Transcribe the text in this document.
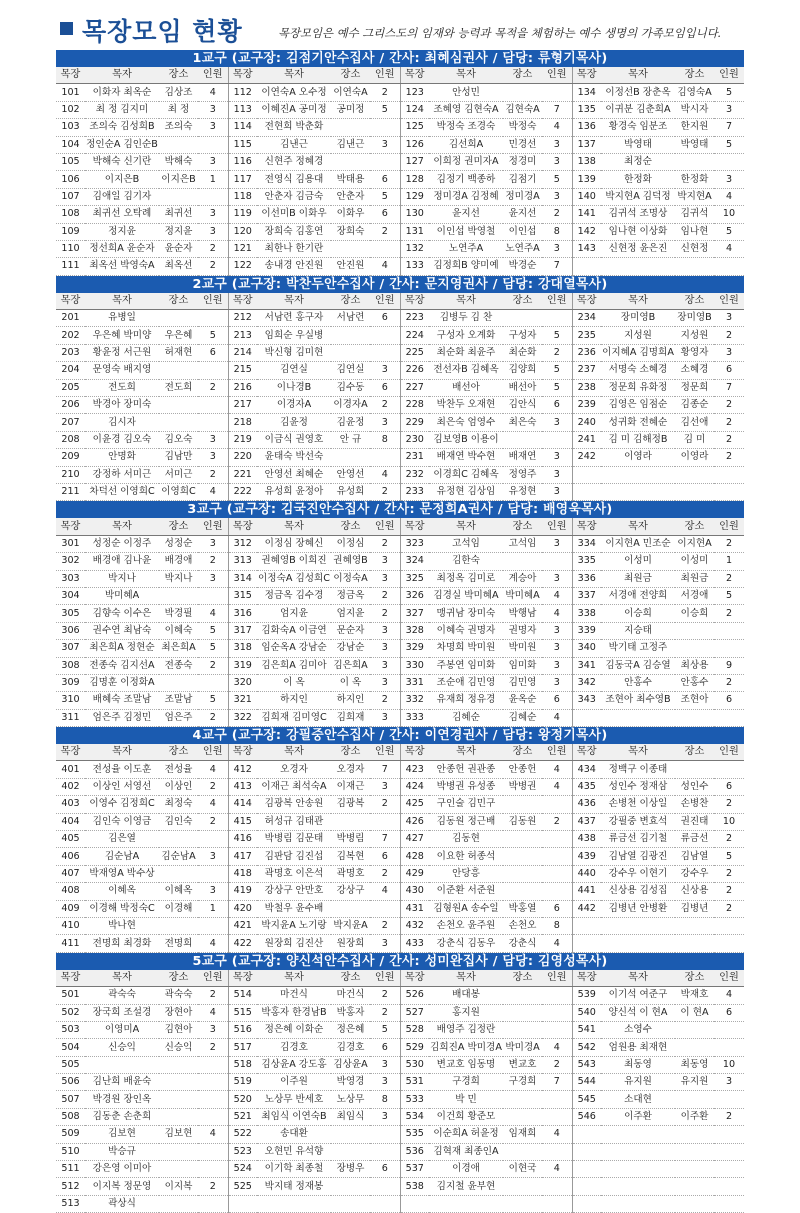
목장모임 현황	목장모임은 예수 그리스도의 임재와 능력과 목적을 체험하는 예수 생명의 가족모임입니다.
1교구 (교구장: 김점기안수집사 / 간사: 최혜심권사 / 담당: 류형기목사)
목장	목자	장소	인원	목장	목자	장소	인원	목장	목자	장소	인원	목장	목자	장소	인원
101	이화자 최옥순	김상조	4	112	이연숙A 오수정	이연숙A	2	123	안성민			134	이정선B 장춘옥	김영숙A	5
102	최 정 김지미	최 정	3	113	이혜진A 공미정	공미정	5	124	조혜영 김현숙A	김현숙A	7	135	이귀분 김춘희A	박시자	3
103	조의숙 김성희B	조의숙	3	114	전현희 박춘화			125	박정숙 조경숙	박정숙	4	136	황경숙 임분조	한지원	7
104	정인순A 김인순B			115	김낸근	김낸근	3	126	김선희A	민경선	3	137	박영태	박영태	5
105	박해숙 신기란	박해숙	3	116	신현주 정혜경			127	이희정 권미자A	정경미	3	138	최정순		
106	이지은B	이지은B	1	117	전영식 김용대	박태용	6	128	김정기 백종하	김점기	5	139	한정화	한정화	3
107	김애일 김기자			118	안춘자 김금숙	안춘자	5	129	정미경A 김정혜	정미경A	3	140	박지현A 김덕정	박지현A	4
108	최귀선 오탁례	최귀선	3	119	이선미B 이화우	이화우	6	130	윤지선	윤지선	2	141	김귀석 조명상	김귀석	10
109	정지윤	정지윤	3	120	장희숙 김홍연	장희숙	2	131	이인섭 박영철	이인섭	8	142	임나현 이상화	임나현	5
110	정선희A 윤순자	윤순자	2	121	최한나 한기란			132	노연주A	노연주A	3	143	신현정 윤은진	신현정	4
111	최옥선 박영숙A	최옥선	2	122	송내경 안진원	안진원	4	133	김정희B 양미예	박경순	7				
2교구 (교구장: 박찬두안수집사 / 간사: 문지영권사 / 담당: 강대열목사)
목장	목자	장소	인원	목장	목자	장소	인원	목장	목자	장소	인원	목장	목자	장소	인원
201	유병일			212	서남련 홍구자	서남련	6	223	김병두 김 찬			234	장미영B	장미영B	3
202	우은혜 박미양	우은혜	5	213	임희순 우실병			224	구성자 오계화	구성자	5	235	지성원	지성원	2
203	황윤정 서근원	허재현	6	214	박신형 김미현			225	최순화 최윤주	최순화	2	236	이지혜A 김명희A	황영자	3
204	문영숙 배지영			215	김연실	김연실	3	226	전선자B 김혜옥	김양희	5	237	서명숙 소혜경	소혜경	6
205	전도희	전도희	2	216	이나경B	김수동	6	227	배선아	배선아	5	238	정문희 유화정	정문희	7
206	박경아 장미숙			217	이경자A	이경자A	2	228	박찬두 오재현	김안식	6	239	김영은 임점순	김종순	2
207	김시자			218	김윤정	김윤정	3	229	최은숙 엄영수	최은숙	3	240	성귀화 전혜순	김선애	2
208	이윤경 김오숙	김오숙	3	219	이금식 권영호	안 규	8	230	김보영B 이용이			241	김 미 김해정B	김 미	2
209	안명화	김남만	3	220	윤태숙 박선숙			231	배재연 박수현	배재연	3	242	이영라	이영라	2
210	강정하 서미근	서미근	2	221	안영선 최혜순	안영선	4	232	이경희C 김혜옥	정영주	3				
211	차덕선 이영희C	이영희C	4	222	유성희 윤정아	유성희	2	233	유정현 김상임	유정현	3				
3교구 (교구장: 김국진안수집사 / 간사: 문정희A권사 / 담당: 배영욱목사)
목장	목자	장소	인원	목장	목자	장소	인원	목장	목자	장소	인원	목장	목자	장소	인원
301	성정순 이정주	성정순	3	312	이정심 장혜신	이정심	2	323	고석임	고석임	3	334	이지현A 민조순	이지현A	2
302	배경애 김나윤	배경애	2	313	권혜영B 이희진	권혜영B	3	324	김한숙			335	이성미	이성미	1
303	박지나	박지나	3	314	이정숙A 김성희C	이정숙A	3	325	최정옥 김미로	계승아	3	336	최원금	최원금	2
304	박미혜A			315	정금옥 김수경	정금옥	2	326	김경실 박미혜A	박미혜A	4	337	서경애 전양희	서경애	5
305	김향숙 이수은	박경필	4	316	엄지윤	엄지윤	2	327	맹귀남 장미숙	박행남	4	338	이승희	이승희	2
306	권수연 최남숙	이혜숙	5	317	김화숙A 이금연	문순자	3	328	이혜숙 권명자	권명자	3	339	지승태		
307	최은희A 정현순	최은희A	5	318	임순옥A 강남순	강남순	3	329	차명희 박미원	박미원	3	340	박기태 고정주		
308	전종숙 김지선A	전종숙	2	319	김은희A 김미아	김은희A	3	330	주봉연 임미화	임미화	3	341	김동국A 김승열	최상용	9
309	김명훈 이정화A			320	이 옥	이 옥	3	331	조순애 김민영	김민영	3	342	안홍수	안홍수	2
310	배혜숙 조말남	조말남	5	321	하지인	하지인	2	332	유재희 정유경	윤옥순	6	343	조현아 최수영B	조현아	6
311	엄은주 김정민	엄은주	2	322	김희재 김미영C	김희재	3	333	김혜순	김혜순	4				
4교구 (교구장: 강필중안수집사 / 간사: 이연경권사 / 담당: 왕정기목사)
목장	목자	장소	인원	목장	목자	장소	인원	목장	목자	장소	인원	목장	목자	장소	인원
401	전성율 이도훈	전성율	4	412	오경자	오경자	7	423	안종헌 권관종	안종헌	4	434	정백구 이종태		
402	이상인 서영선	이상인	2	413	이재근 최석숙A	이재근	3	424	박병권 유성종	박병권	4	435	성인수 정재삼	성인수	6
403	이영수 김정희C	최정숙	4	414	김광복 안송원	김광복	2	425	구인술 김민구			436	손병천 이상일	손병찬	2
404	김인숙 이영금	김인숙	2	415	허성규 김태관			426	김동원 정근배	김동원	2	437	강필중 변효석	권진태	10
405	김은열			416	박병림 김문태	박병림	7	427	김동현			438	류금선 김기철	류금선	2
406	김순남A	김순남A	3	417	김판담 김진섭	김복현	6	428	이요한 허종석			439	김남열 김광진	김남열	5
407	박재영A 박수상			418	곽명호 이은석	곽명호	2	429	안당흥			440	강수우 이현기	강수우	2
408	이혜옥	이혜옥	3	419	강상구 안만호	강상구	4	430	이준환 서준원			441	신상용 김성집	신상용	2
409	이경해 박정숙C	이경해	1	420	박철우 윤수배			431	김형원A 송수일	박홍열	6	442	김병년 안병환	김병년	2
410	박나현			421	박지윤A 노기랑	박지윤A	2	432	손천오 윤주원	손천오	8				
411	전명희 최경화	전명희	4	422	원장희 김진산	원장희	3	433	강춘식 김동우	강춘식	4				
5교구 (교구장: 양신석안수집사 / 간사: 성미완집사 / 담당: 김영성목사)
목장	목자	장소	인원	목장	목자	장소	인원	목장	목자	장소	인원	목장	목자	장소	인원
501	곽숙숙	곽숙숙	2	514	마건식	마건식	2	526	배대봉			539	이기석 여준구	박재호	4
502	장국희 조설경	장현아	4	515	박홍자 한경남B	박홍자	2	527	홍지원			540	양신석 이 현A	이 현A	6
503	이영미A	김현아	3	516	정은혜 이화순	정은혜	5	528	배영주 김정란			541	소영수		
504	신승익	신승익	2	517	김경호	김경호	6	529	김희진A 박미경A	박미경A	4	542	엄원용 최재현		
505				518	김상윤A 강도홍	김상윤A	3	530	변교호 임동명	변교호	2	543	최동영	최동영	10
506	김난희 배윤숙			519	이주원	박영경	3	531	구경희	구경희	7	544	유지원	유지원	3
507	박경원 장인옥			520	노상무 반세호	노상무	8	533	박 민			545	소대현		
508	김동춘 손춘희			521	최임식 이연숙B	최임식	3	534	이건희 황준모			546	이주환	이주환	2
509	김보현	김보현	4	522	송대환			535	이순희A 허윤정	임재희	4				
510	박승규			523	오현민 유석향			536	김혁재 최종인A						
511	강은영 이미아			524	이기학 최종철	장병우	6	537	이경애	이현국	4				
512	이지복 정문영	이지복	2	525	박지태 정재봉			538	김지철 윤부현						
513	곽상식														
